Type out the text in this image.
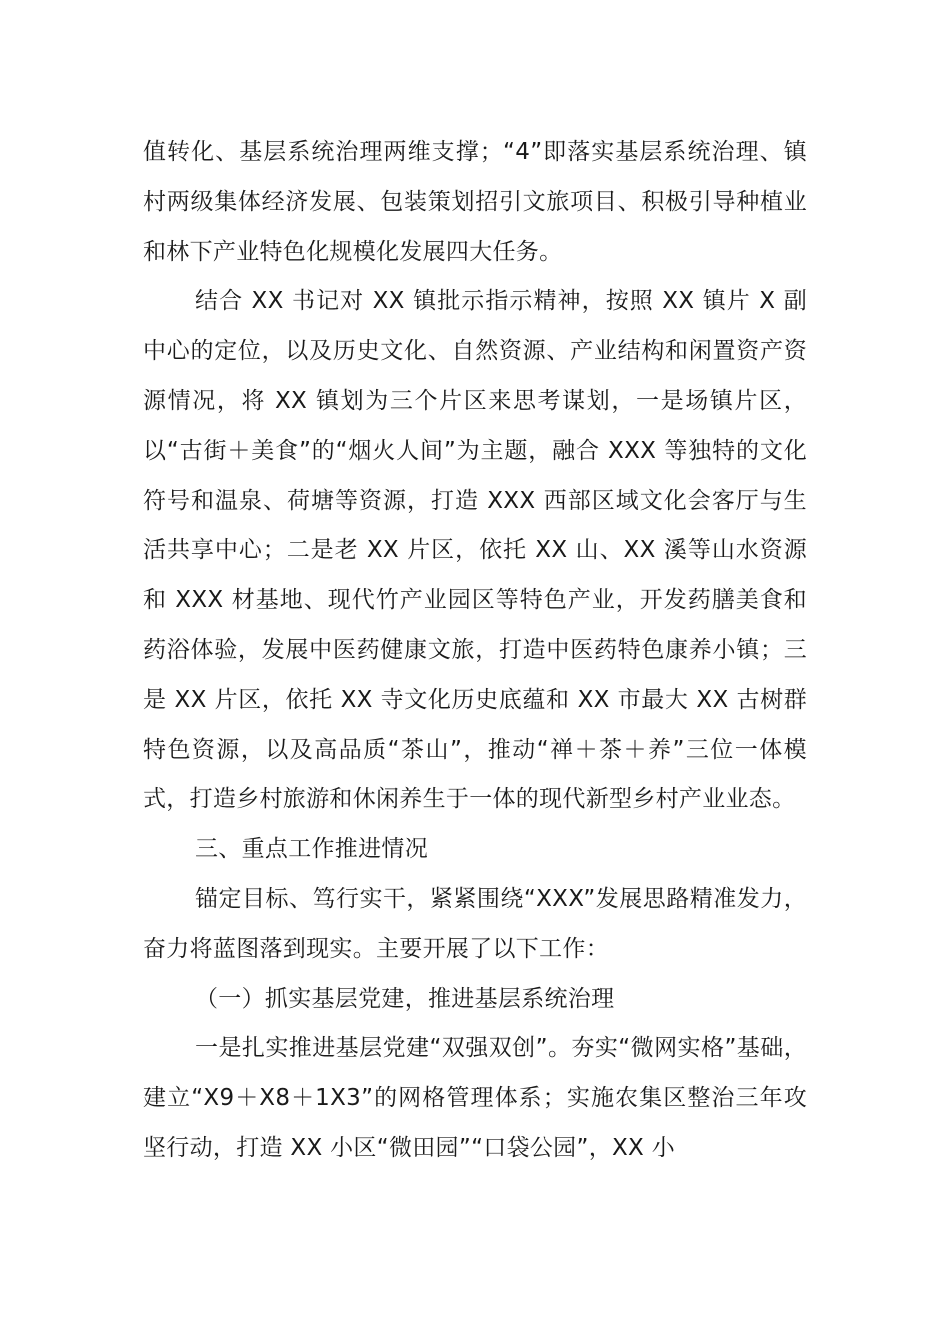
值转化、基层系统治理两维支撑；“4”即落实基层系统治理、镇村两级集体经济发展、包装策划招引文旅项目、积极引导种植业和林下产业特色化规模化发展四大任务。

结合 XX 书记对 XX 镇批示指示精神，按照 XX 镇片 X 副中心的定位，以及历史文化、自然资源、产业结构和闲置资产资源情况，将 XX 镇划为三个片区来思考谋划，一是场镇片区，以“古街＋美食”的“烟火人间”为主题，融合 XXX 等独特的文化符号和温泉、荷塘等资源，打造 XXX 西部区域文化会客厅与生活共享中心；二是老 XX 片区，依托 XX 山、XX 溪等山水资源和 XXX 材基地、现代竹产业园区等特色产业，开发药膳美食和药浴体验，发展中医药健康文旅，打造中医药特色康养小镇；三是 XX 片区，依托 XX 寺文化历史底蕴和 XX 市最大 XX 古树群特色资源，以及高品质“茶山”，推动“禅＋茶＋养”三位一体模式，打造乡村旅游和休闲养生于一体的现代新型乡村产业业态。

三、重点工作推进情况

锚定目标、笃行实干，紧紧围绕“XXX”发展思路精准发力，奋力将蓝图落到现实。主要开展了以下工作：

（一）抓实基层党建，推进基层系统治理

一是扎实推进基层党建“双强双创”。夯实“微网实格”基础，建立“X9＋X8＋1X3”的网格管理体系；实施农集区整治三年攻坚行动，打造 XX 小区“微田园”“口袋公园”，XX 小
